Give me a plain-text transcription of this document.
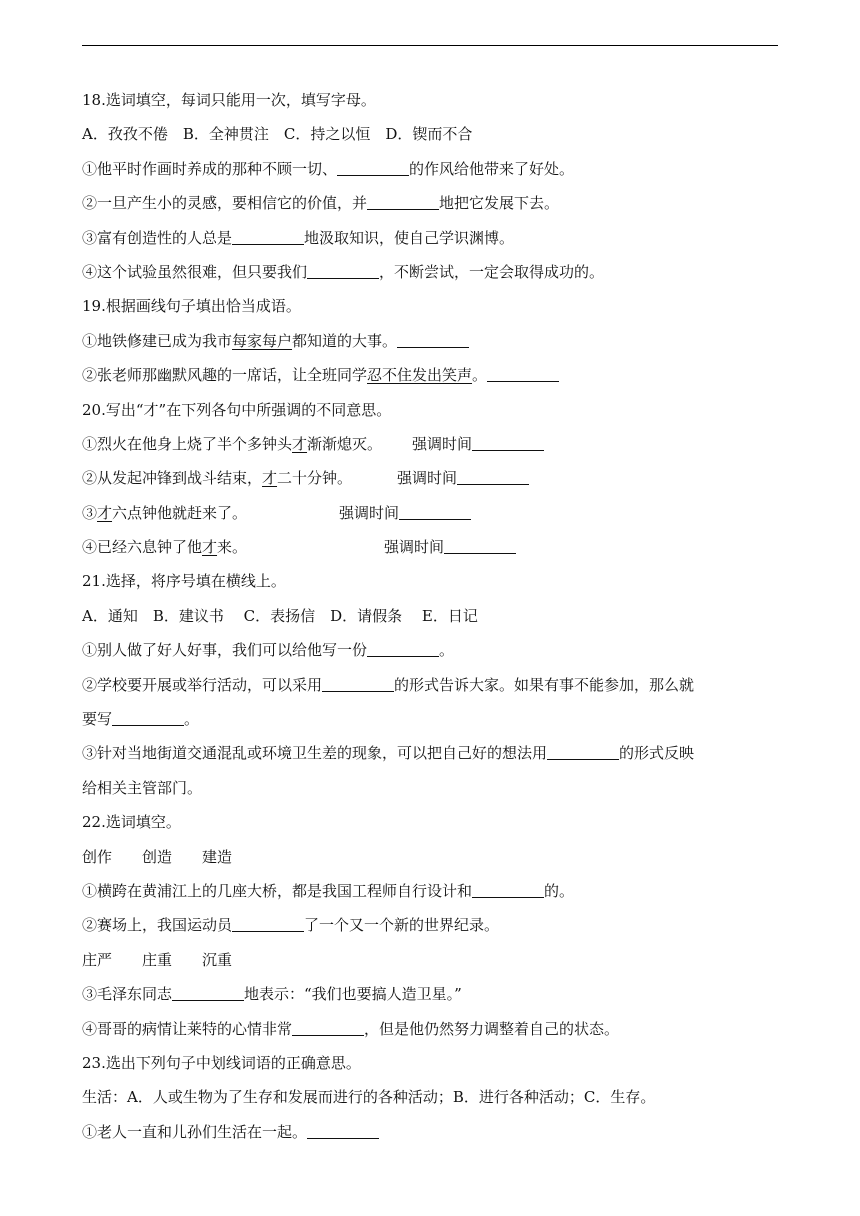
18.选词填空，每词只能用一次，填写字母。
A．孜孜不倦　B．全神贯注　C．持之以恒　D．锲而不合
①他平时作画时养成的那种不顾一切、	的作风给他带来了好处。
②一旦产生小的灵感，要相信它的价值，并	地把它发展下去。
③富有创造性的人总是	地汲取知识，使自己学识渊博。
④这个试验虽然很难，但只要我们	，不断尝试，一定会取得成功的。
19.根据画线句子填出恰当成语。
①地铁修建已成为我市每家每户都知道的大事。
②张老师那幽默风趣的一席话，让全班同学忍不住发出笑声。
20.写出“才”在下列各句中所强调的不同意思。
①烈火在他身上烧了半个多钟头才渐渐熄灭。 强调时间
②从发起冲锋到战斗结束，才二十分钟。	强调时间
③才六点钟他就赶来了。	强调时间
④已经六息钟了他才来。	强调时间
21.选择，将序号填在横线上。
A．通知　B．建议书　 C．表扬信　D．请假条　 E．日记
①别人做了好人好事，我们可以给他写一份	。
②学校要开展或举行活动，可以采用	的形式告诉大家。如果有事不能参加，那么就
要写	。
③针对当地街道交通混乱或环境卫生差的现象，可以把自己好的想法用	的形式反映
给相关主管部门。
22.选词填空。
创作　　创造　　建造
①横跨在黄浦江上的几座大桥，都是我国工程师自行设计和	的。
②赛场上，我国运动员	了一个又一个新的世界纪录。
庄严　　庄重　　沉重
③毛泽东同志	地表示：“我们也要搞人造卫星。”
④哥哥的病情让莱特的心情非常	，但是他仍然努力调整着自己的状态。
23.选出下列句子中划线词语的正确意思。
生活：A．人或生物为了生存和发展而进行的各种活动；B．进行各种活动；C．生存。
①老人一直和儿孙们生活在一起。
